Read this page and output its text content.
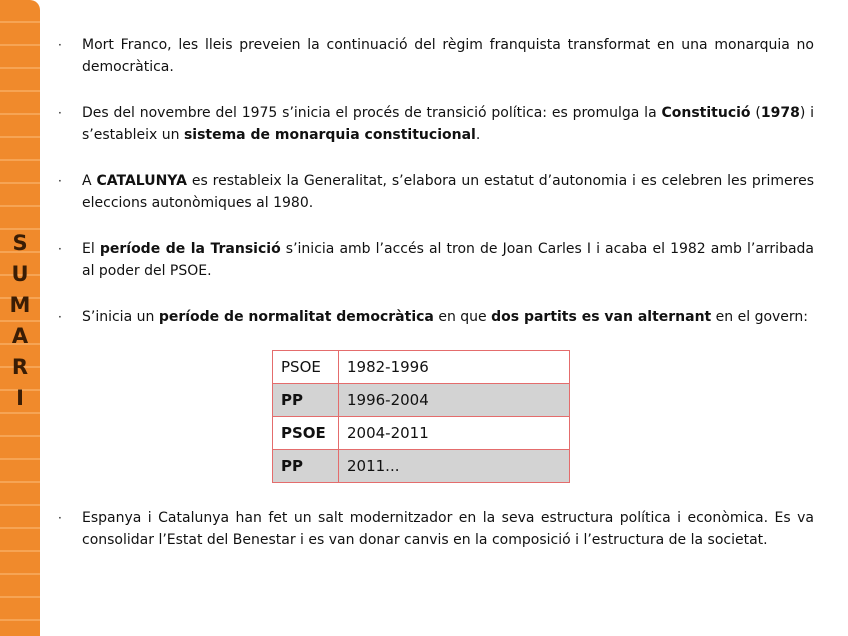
S
U
M
A
R
I

· Mort Franco, les lleis preveien la continuació del règim franquista transformat en una monarquia no democràtica.

· Des del novembre del 1975 s’inicia el procés de transició política: es promulga la Constitució (1978) i s’estableix un sistema de monarquia constitucional.

· A CATALUNYA es restableix la Generalitat, s’elabora un estatut d’autonomia i es celebren les primeres eleccions autonòmiques al 1980.

· El període de la Transició s’inicia amb l’accés al tron de Joan Carles I i acaba el 1982 amb l’arribada al poder del PSOE.

· S’inicia un període de normalitat democràtica en que dos partits es van alternant en el govern:

PSOE	1982-1996
PP	1996-2004
PSOE	2004-2011
PP	2011...

· Espanya i Catalunya han fet un salt modernitzador en la seva estructura política i econòmica. Es va consolidar l’Estat del Benestar i es van donar canvis en la composició i l’estructura de la societat.
